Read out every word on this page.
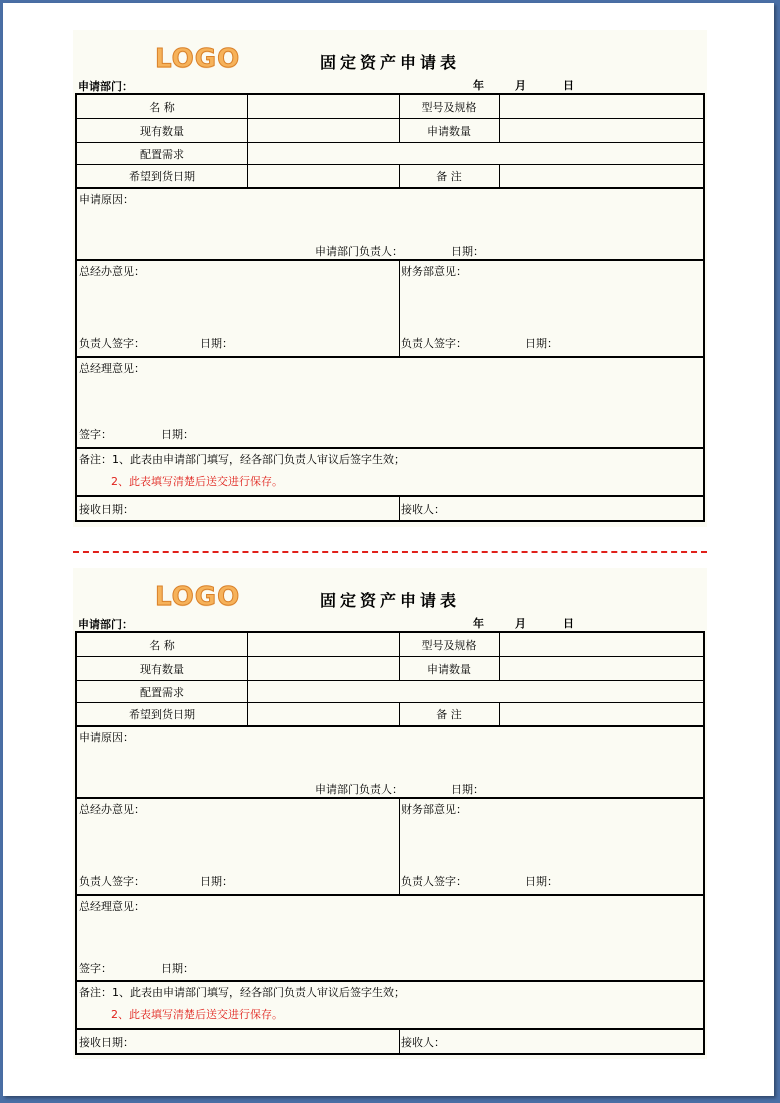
LOGO	固定资产申请表
申请部门：	年	月	日
名 称	型号及规格
现有数量	申请数量
配置需求
希望到货日期	备 注
申请原因：
申请部门负责人：	日期：
总经办意见：
负责人签字：	日期：
财务部意见：
负责人签字：	日期：
总经理意见：
签字：	日期：
备注：1、此表由申请部门填写，经各部门负责人审议后签字生效；
2、此表填写清楚后送交进行保存。
接收日期：	接收人：
LOGO	固定资产申请表
申请部门：	年	月	日
名 称	型号及规格
现有数量	申请数量
配置需求
希望到货日期	备 注
申请原因：
申请部门负责人：	日期：
总经办意见：
负责人签字：	日期：
财务部意见：
负责人签字：	日期：
总经理意见：
签字：	日期：
备注：1、此表由申请部门填写，经各部门负责人审议后签字生效；
2、此表填写清楚后送交进行保存。
接收日期：	接收人：
